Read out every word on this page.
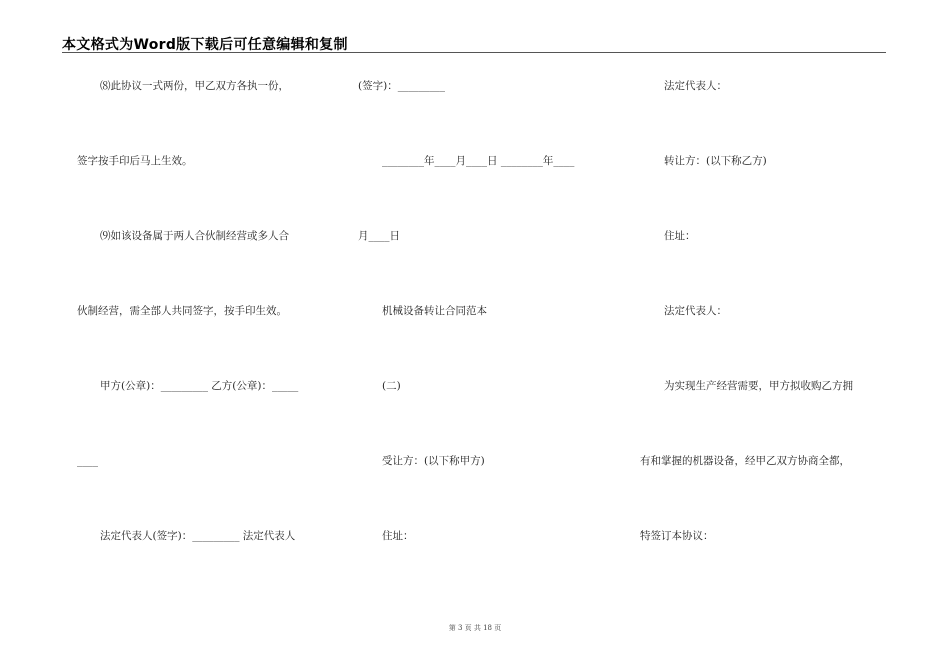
本文格式为Word版下载后可任意编辑和复制
⑻此协议一式两份，甲乙双方各执一份，
签字按手印后马上生效。
⑼如该设备属于两人合伙制经营或多人合
伙制经营，需全部人共同签字，按手印生效。
甲方(公章)：_________ 乙方(公章)：_____
____
法定代表人(签字)：_________ 法定代表人
(签字)：_________
________年____月____日 ________年____
月____日
机械设备转让合同范本
(二)
受让方：(以下称甲方)
住址：
法定代表人：
转让方：(以下称乙方)
住址：
法定代表人：
为实现生产经营需要，甲方拟收购乙方拥
有和掌握的机器设备，经甲乙双方协商全都，
特签订本协议：
第 3 页 共 18 页
